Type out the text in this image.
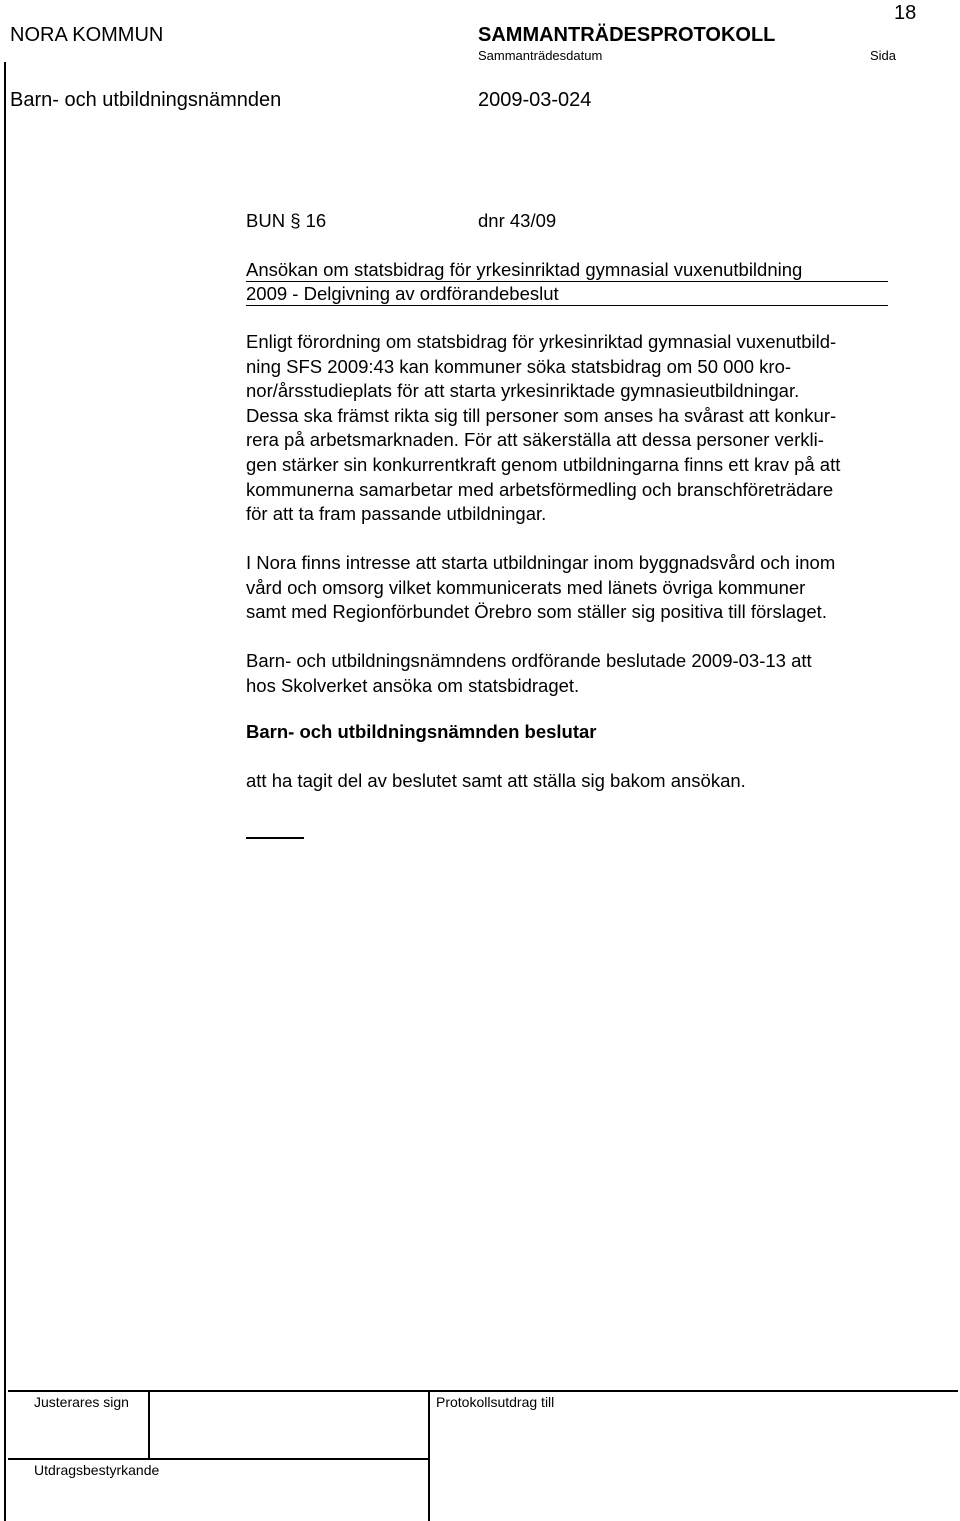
NORA KOMMUN	SAMMANTRÄDESPROTOKOLL
Sammanträdesdatum	Sida
18
Barn- och utbildningsnämnden	2009-03-024
BUN § 16	dnr 43/09
Ansökan om statsbidrag för yrkesinriktad gymnasial vuxenutbildning
2009 - Delgivning av ordförandebeslut
Enligt förordning om statsbidrag för yrkesinriktad gymnasial vuxenutbild-
ning SFS 2009:43 kan kommuner söka statsbidrag om 50 000 kro-
nor/årsstudieplats för att starta yrkesinriktade gymnasieutbildningar.
Dessa ska främst rikta sig till personer som anses ha svårast att konkur-
rera på arbetsmarknaden. För att säkerställa att dessa personer verkli-
gen stärker sin konkurrentkraft genom utbildningarna finns ett krav på att
kommunerna samarbetar med arbetsförmedling och branschföreträdare
för att ta fram passande utbildningar.
I Nora finns intresse att starta utbildningar inom byggnadsvård och inom
vård och omsorg vilket kommunicerats med länets övriga kommuner
samt med Regionförbundet Örebro som ställer sig positiva till förslaget.
Barn- och utbildningsnämndens ordförande beslutade 2009-03-13 att
hos Skolverket ansöka om statsbidraget.
Barn- och utbildningsnämnden beslutar
att ha tagit del av beslutet samt att ställa sig bakom ansökan.
Justerares sign	Protokollsutdrag till
Utdragsbestyrkande
